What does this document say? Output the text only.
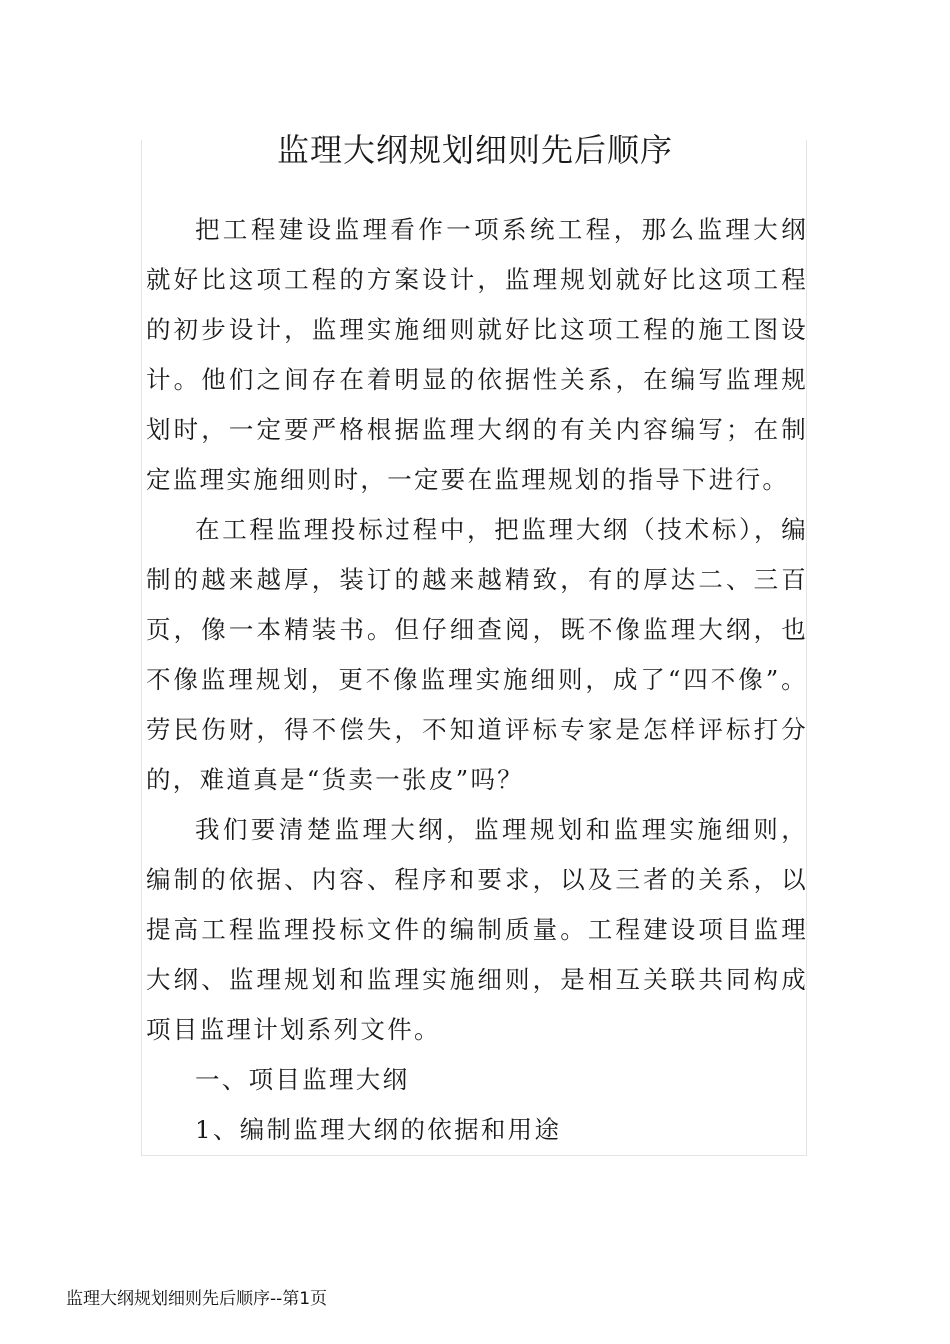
监理大纲规划细则先后顺序

把工程建设监理看作一项系统工程，那么监理大纲就好比这项工程的方案设计，监理规划就好比这项工程的初步设计，监理实施细则就好比这项工程的施工图设计。他们之间存在着明显的依据性关系，在编写监理规划时，一定要严格根据监理大纲的有关内容编写；在制定监理实施细则时，一定要在监理规划的指导下进行。

在工程监理投标过程中，把监理大纲（技术标），编制的越来越厚，装订的越来越精致，有的厚达二、三百页，像一本精装书。但仔细查阅，既不像监理大纲，也不像监理规划，更不像监理实施细则，成了“四不像”。劳民伤财，得不偿失，不知道评标专家是怎样评标打分的，难道真是“货卖一张皮”吗？

我们要清楚监理大纲，监理规划和监理实施细则，编制的依据、内容、程序和要求，以及三者的关系，以提高工程监理投标文件的编制质量。工程建设项目监理大纲、监理规划和监理实施细则，是相互关联共同构成项目监理计划系列文件。

一、项目监理大纲

1、编制监理大纲的依据和用途

监理大纲规划细则先后顺序--第1页
